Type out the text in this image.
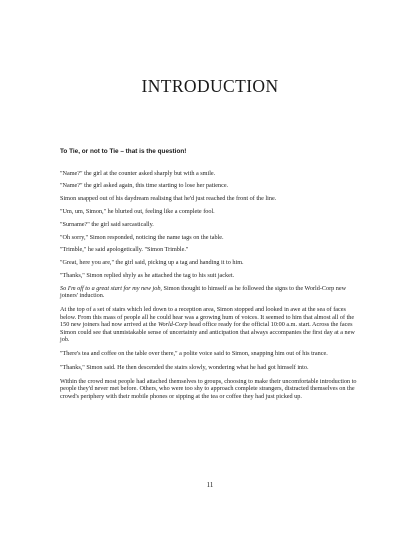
INTRODUCTION

To Tie, or not to Tie – that is the question!

"Name?" the girl at the counter asked sharply but with a smile.

"Name?" the girl asked again, this time starting to lose her patience.

Simon snapped out of his daydream realising that he'd just reached the front of the line.

"Um, um, Simon," he blurted out, feeling like a complete fool.

"Surname?" the girl said sarcastically.

"Oh sorry," Simon responded, noticing the name tags on the table.

"Trimble," he said apologetically. "Simon Trimble."

"Great, here you are," the girl said, picking up a tag and handing it to him.

"Thanks," Simon replied shyly as he attached the tag to his suit jacket.

So I'm off to a great start for my new job, Simon thought to himself as he followed the signs to the World-Corp new joiners' induction.

At the top of a set of stairs which led down to a reception area, Simon stopped and looked in awe at the sea of faces below. From this mass of people all he could hear was a growing hum of voices. It seemed to him that almost all of the 150 new joiners had now arrived at the World-Corp head office ready for the official 10:00 a.m. start. Across the faces Simon could see that unmistakable sense of uncertainty and anticipation that always accompanies the first day at a new job.

"There's tea and coffee on the table over there," a polite voice said to Simon, snapping him out of his trance.

"Thanks," Simon said. He then descended the stairs slowly, wondering what he had got himself into.

Within the crowd most people had attached themselves to groups, choosing to make their uncomfortable introduction to people they'd never met before. Others, who were too shy to approach complete strangers, distracted themselves on the crowd's periphery with their mobile phones or sipping at the tea or coffee they had just picked up.

11
